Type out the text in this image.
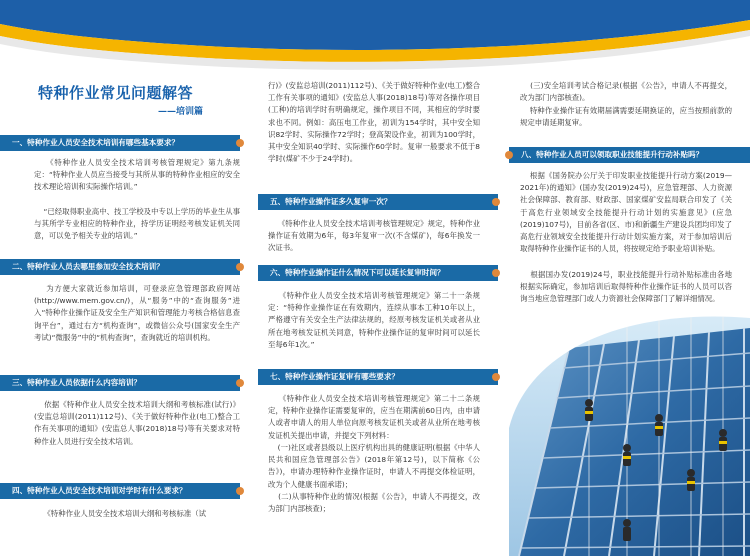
特种作业常见问题解答
——培训篇
一、特种作业人员安全技术培训有哪些基本要求？
《特种作业人员安全技术培训考核管理规定》第九条规定：“特种作业人员应当接受与其所从事的特种作业相应的安全技术理论培训和实际操作培训。”
“已经取得职业高中、技工学校及中专以上学历的毕业生从事与其所学专业相应的特种作业，持学历证明经考核发证机关同意，可以免予相关专业的培训。”
二、特种作业人员去哪里参加安全技术培训？
为方便大家就近参加培训，可登录应急管理部政府网站(http://www.mem.gov.cn/)，从“服务”中的“查询服务”进入“特种作业操作证及安全生产知识和管理能力考核合格信息查询平台”，通过右方“机构查询”，或微信公众号(国家安全生产考试)“微服务”中的“机构查询”，查询就近的培训机构。
三、特种作业人员依据什么内容培训？
依据《特种作业人员安全技术培训大纲和考核标准(试行)》(安监总培训(2011)112号)、《关于做好特种作业(电工)整合工作有关事项的通知》(安监总人事(2018)18号)等有关要求对特种作业人员进行安全技术培训。
四、特种作业人员安全技术培训对学时有什么要求？
《特种作业人员安全技术培训大纲和考核标准（试
行)》(安监总培训(2011)112号)、《关于做好特种作业(电工)整合工作有关事项的通知》(安监总人事(2018)18号)等对各操作项目(工种)的培训学时有明确规定，操作项目不同，其相应的学时要求也不同。例如：高压电工作业，初训为154学时，其中安全知识82学时、实际操作72学时；登高架设作业，初训为100学时，其中安全知识40学时、实际操作60学时。复审一般要求不低于8学时(煤矿不少于24学时)。
五、特种作业操作证多久复审一次？
《特种作业人员安全技术培训考核管理规定》规定，特种作业操作证有效期为6年，每3年复审一次(不含煤矿)，每6年换发一次证书。
六、特种作业操作证什么情况下可以延长复审时间？
《特种作业人员安全技术培训考核管理规定》第二十一条规定：“特种作业操作证在有效期内，连续从事本工种10年以上，严格遵守有关安全生产法律法规的，经原考核发证机关或者从业所在地考核发证机关同意，特种作业操作证的复审时间可以延长至每6年1次。”
七、特种作业操作证复审有哪些要求？
《特种作业人员安全技术培训考核管理规定》第二十二条规定，特种作业操作证需要复审的，应当在期满前60日内，由申请人或者申请人的用人单位向原考核发证机关或者从业所在地考核发证机关提出申请，并提交下列材料：
(一)社区或者县级以上医疗机构出具的健康证明(根据《中华人民共和国应急管理部公告》(2018年第12号)，以下简称《公告》)，申请办理特种作业操作证时，申请人不再提交体检证明，改为个人健康书面承诺)；
(二)从事特种作业的情况(根据《公告》，申请人不再提交，改为部门内部核查)；
(三)安全培训考试合格记录(根据《公告》，申请人不再提交，改为部门内部核查)。
特种作业操作证有效期届满需要延期换证的，应当按照前款的规定申请延期复审。
八、特种作业人员可以领取职业技能提升行动补贴吗？
根据《国务院办公厅关于印发职业技能提升行动方案(2019—2021年)的通知》(国办发(2019)24号)，应急管理部、人力资源社会保障部、教育部、财政部、国家煤矿安监局联合印发了《关于高危行业领域安全技能提升行动计划的实施意见》(应急(2019)107号)，目前各省(区、市)和新疆生产建设兵团均印发了高危行业领域安全技能提升行动计划实施方案，对于参加培训后取得特种作业操作证书的人员，将按规定给予职业培训补贴。
根据国办发(2019)24号，职业技能提升行动补贴标准由各地根据实际确定，参加培训后取得特种作业操作证书的人员可以咨询当地应急管理部门或人力资源社会保障部门了解详细情况。
